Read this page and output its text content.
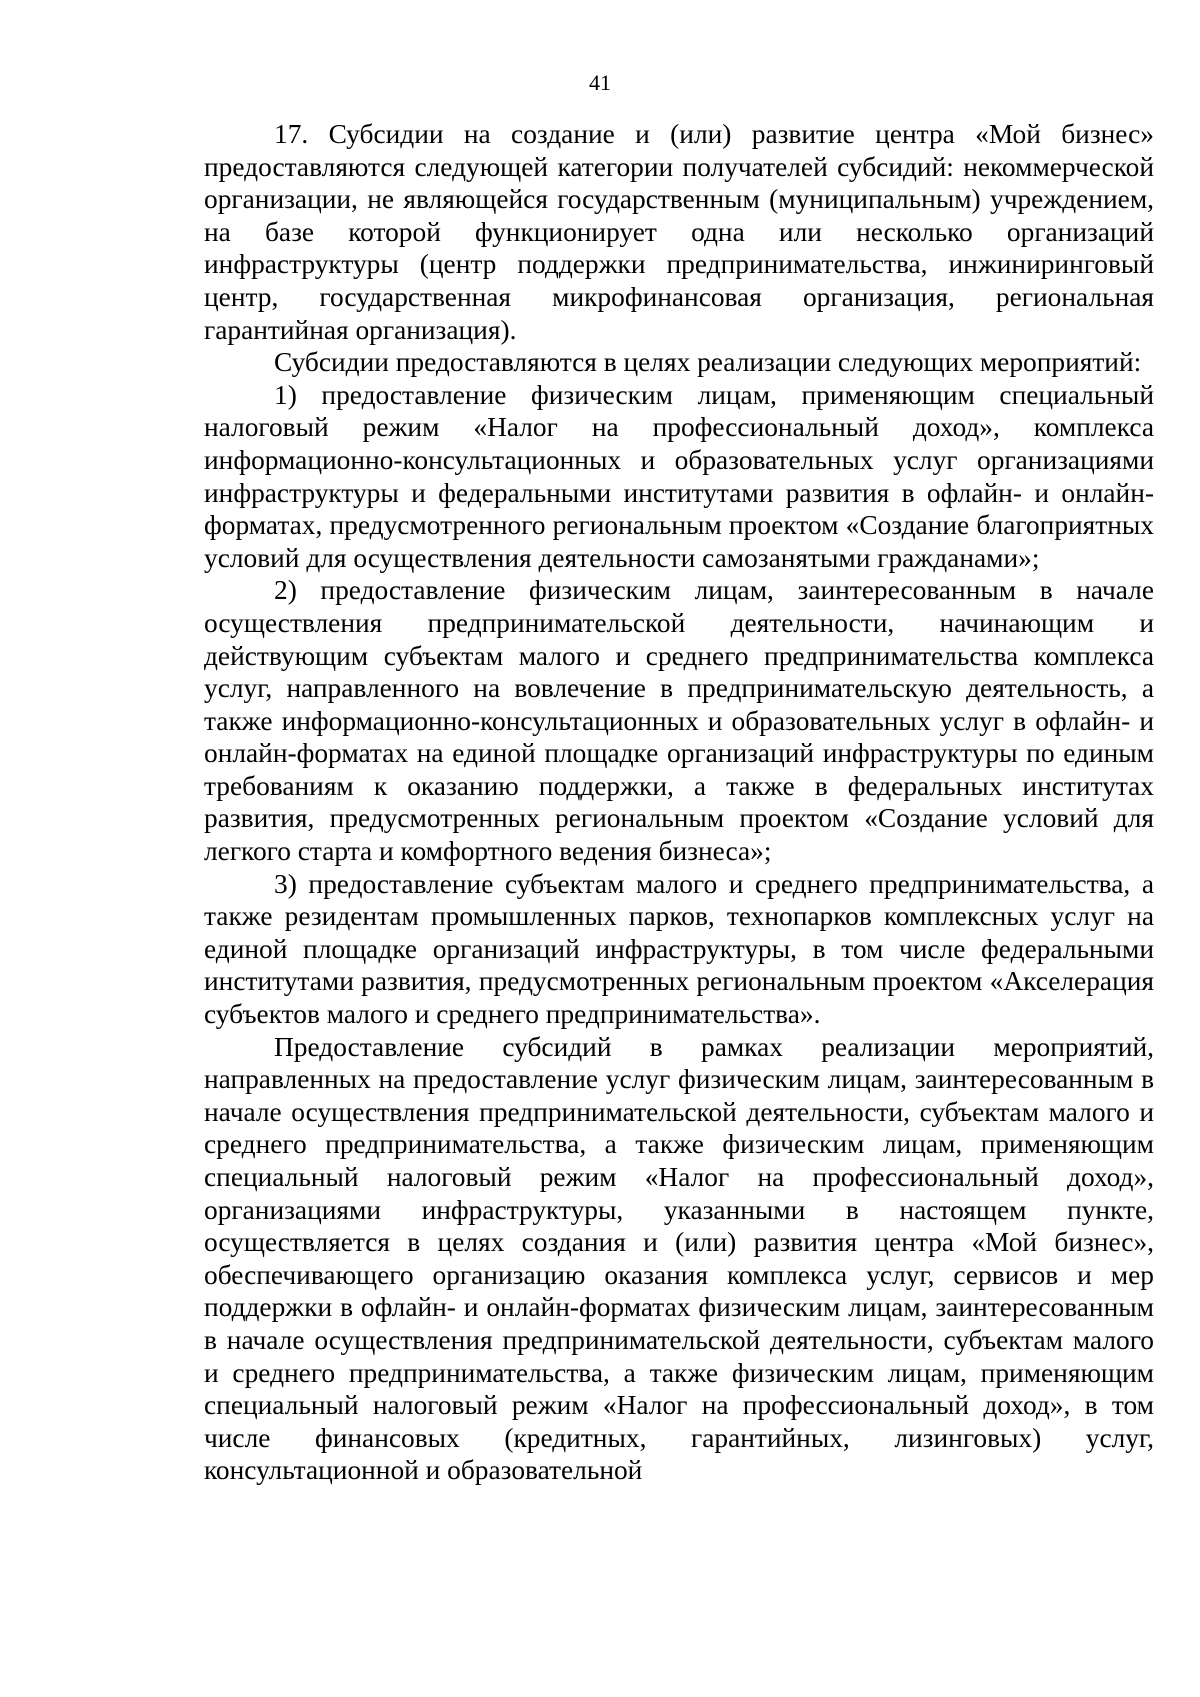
41

17. Субсидии на создание и (или) развитие центра «Мой бизнес» предоставляются следующей категории получателей субсидий: некоммерческой организации, не являющейся государственным (муниципальным) учреждением, на базе которой функционирует одна или несколько организаций инфраструктуры (центр поддержки предпринимательства, инжиниринговый центр, государственная микрофинансовая организация, региональная гарантийная организация).

Субсидии предоставляются в целях реализации следующих мероприятий:

1) предоставление физическим лицам, применяющим специальный налоговый режим «Налог на профессиональный доход», комплекса информационно-консультационных и образовательных услуг организациями инфраструктуры и федеральными институтами развития в офлайн- и онлайн-форматах, предусмотренного региональным проектом «Создание благоприятных условий для осуществления деятельности самозанятыми гражданами»;

2) предоставление физическим лицам, заинтересованным в начале осуществления предпринимательской деятельности, начинающим и действующим субъектам малого и среднего предпринимательства комплекса услуг, направленного на вовлечение в предпринимательскую деятельность, а также информационно-консультационных и образовательных услуг в офлайн- и онлайн-форматах на единой площадке организаций инфраструктуры по единым требованиям к оказанию поддержки, а также в федеральных институтах развития, предусмотренных региональным проектом «Создание условий для легкого старта и комфортного ведения бизнеса»;

3) предоставление субъектам малого и среднего предпринимательства, а также резидентам промышленных парков, технопарков комплексных услуг на единой площадке организаций инфраструктуры, в том числе федеральными институтами развития, предусмотренных региональным проектом «Акселерация субъектов малого и среднего предпринимательства».

Предоставление субсидий в рамках реализации мероприятий, направленных на предоставление услуг физическим лицам, заинтересованным в начале осуществления предпринимательской деятельности, субъектам малого и среднего предпринимательства, а также физическим лицам, применяющим специальный налоговый режим «Налог на профессиональный доход», организациями инфраструктуры, указанными в настоящем пункте, осуществляется в целях создания и (или) развития центра «Мой бизнес», обеспечивающего организацию оказания комплекса услуг, сервисов и мер поддержки в офлайн- и онлайн-форматах физическим лицам, заинтересованным в начале осуществления предпринимательской деятельности, субъектам малого и среднего предпринимательства, а также физическим лицам, применяющим специальный налоговый режим «Налог на профессиональный доход», в том числе финансовых (кредитных, гарантийных, лизинговых) услуг, консультационной и образовательной
